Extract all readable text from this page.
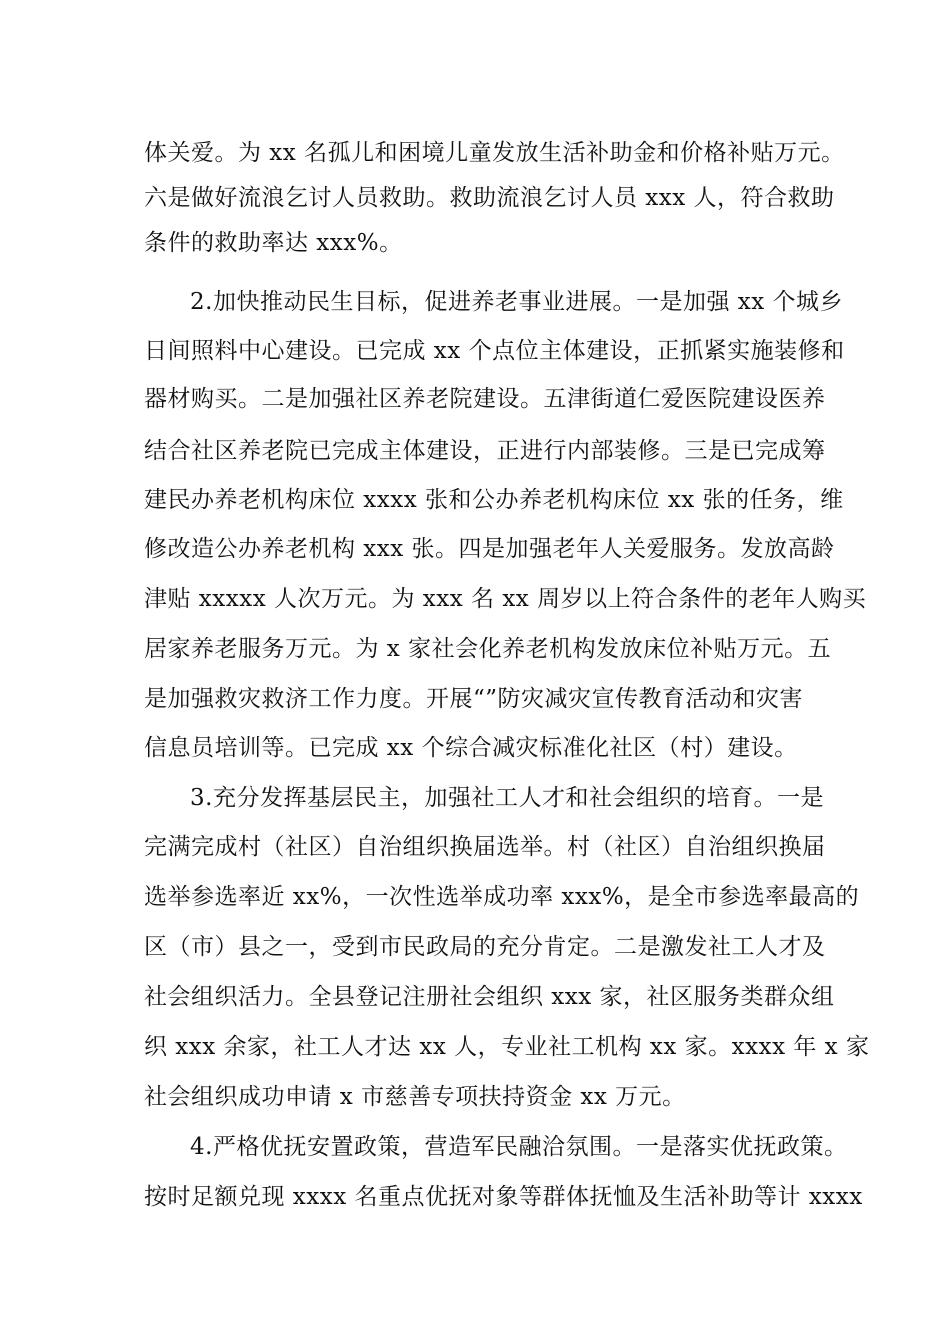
体关爱。为 xx 名孤儿和困境儿童发放生活补助金和价格补贴万元。
六是做好流浪乞讨人员救助。救助流浪乞讨人员 xxx 人，符合救助
条件的救助率达 xxx%。
2.加快推动民生目标，促进养老事业进展。一是加强 xx 个城乡
日间照料中心建设。已完成 xx 个点位主体建设，正抓紧实施装修和
器材购买。二是加强社区养老院建设。五津街道仁爱医院建设医养
结合社区养老院已完成主体建设，正进行内部装修。三是已完成筹
建民办养老机构床位 xxxx 张和公办养老机构床位 xx 张的任务，维
修改造公办养老机构 xxx 张。四是加强老年人关爱服务。发放高龄
津贴 xxxxx 人次万元。为 xxx 名 xx 周岁以上符合条件的老年人购买
居家养老服务万元。为 x 家社会化养老机构发放床位补贴万元。五
是加强救灾救济工作力度。开展“”防灾减灾宣传教育活动和灾害
信息员培训等。已完成 xx 个综合减灾标准化社区（村）建设。
3.充分发挥基层民主，加强社工人才和社会组织的培育。一是
完满完成村（社区）自治组织换届选举。村（社区）自治组织换届
选举参选率近 xx%，一次性选举成功率 xxx%，是全市参选率最高的
区（市）县之一，受到市民政局的充分肯定。二是激发社工人才及
社会组织活力。全县登记注册社会组织 xxx 家，社区服务类群众组
织 xxx 余家，社工人才达 xx 人，专业社工机构 xx 家。xxxx 年 x 家
社会组织成功申请 x 市慈善专项扶持资金 xx 万元。
4.严格优抚安置政策，营造军民融洽氛围。一是落实优抚政策。
按时足额兑现 xxxx 名重点优抚对象等群体抚恤及生活补助等计 xxxx
